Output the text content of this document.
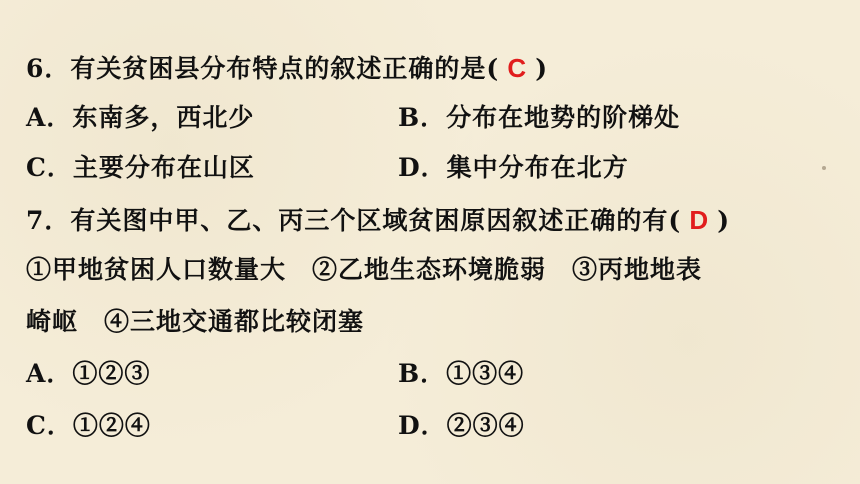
6．有关贫困县分布特点的叙述正确的是( C )
A．东南多，西北少	B．分布在地势的阶梯处
C．主要分布在山区	D．集中分布在北方
7．有关图中甲、乙、丙三个区域贫困原因叙述正确的有( D )
①甲地贫困人口数量大　②乙地生态环境脆弱　③丙地地表
崎岖　④三地交通都比较闭塞
A．①②③	B．①③④
C．①②④	D．②③④
